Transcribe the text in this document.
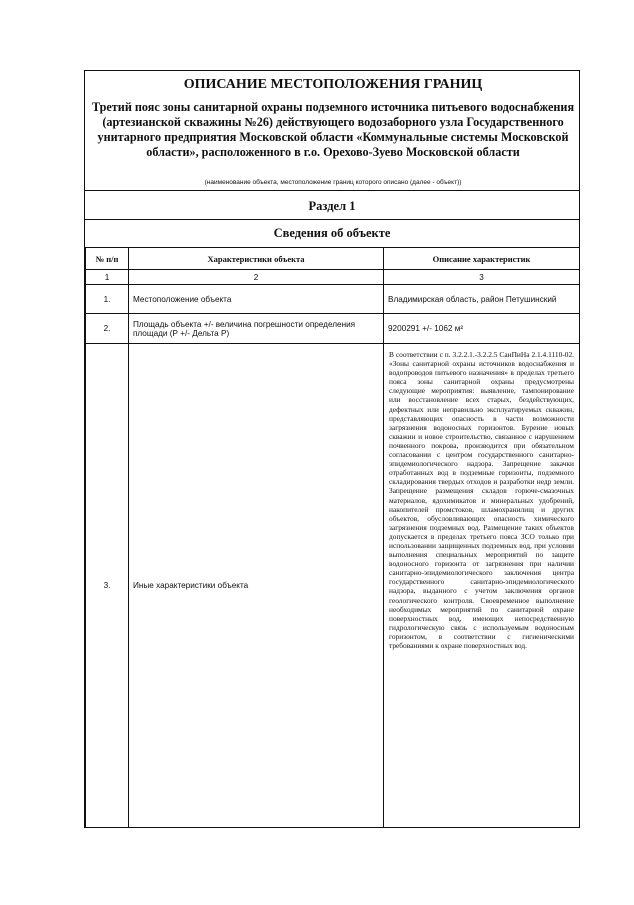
ОПИСАНИЕ МЕСТОПОЛОЖЕНИЯ ГРАНИЦ
Третий пояс зоны санитарной охраны подземного источника питьевого водоснабжения (артезианской скважины №26) действующего водозаборного узла Государственного унитарного предприятия Московской области «Коммунальные системы Московской области», расположенного в г.о. Орехово-Зуево Московской области
(наименование объекта, местоположение границ которого описано (далее - объект))
Раздел 1
Сведения об объекте
№ п/п	Характеристики объекта	Описание характеристик
1	2	3
1.	Местоположение объекта	Владимирская область, район Петушинский
2.	Площадь объекта +/- величина погрешности определения площади (Р +/- Дельта Р)	9200291 +/- 1062 м²
3.	Иные характеристики объекта	В соответствии с п. 3.2.2.1.-3.2.2.5 СанПиНа 2.1.4.1110-02. «Зоны санитарной охраны источников водоснабжения и водопроводов питьевого назначения» в пределах третьего пояса зоны санитарной охраны предусмотрены следующие мероприятия: выявление, тампонирование или восстановление всех старых, бездействующих, дефектных или неправильно эксплуатируемых скважин, представляющих опасность в части возможности загрязнения водоносных горизонтов. Бурение новых скважин и новое строительство, связанное с нарушением почвенного покрова, производится при обязательном согласовании с центром государственного санитарно-эпидемиологического надзора. Запрещение закачки отработанных вод в подземные горизонты, подземного складирования твердых отходов и разработки недр земли. Запрещение размещения складов горюче-смазочных материалов, ядохимикатов и минеральных удобрений, накопителей промстоков, шламохранилищ и других объектов, обусловливающих опасность химического загрязнения подземных вод. Размещение таких объектов допускается в пределах третьего пояса ЗСО только при использовании защищенных подземных вод, при условии выполнения специальных мероприятий по защите водоносного горизонта от загрязнения при наличии санитарно-эпидемиологического заключения центра государственного санитарно-эпидемиологического надзора, выданного с учетом заключения органов геологического контроля. Своевременное выполнение необходимых мероприятий по санитарной охране поверхностных вод, имеющих непосредственную гидрологическую связь с используемым водоносным горизонтом, в соответствии с гигиеническими требованиями к охране поверхностных вод.
